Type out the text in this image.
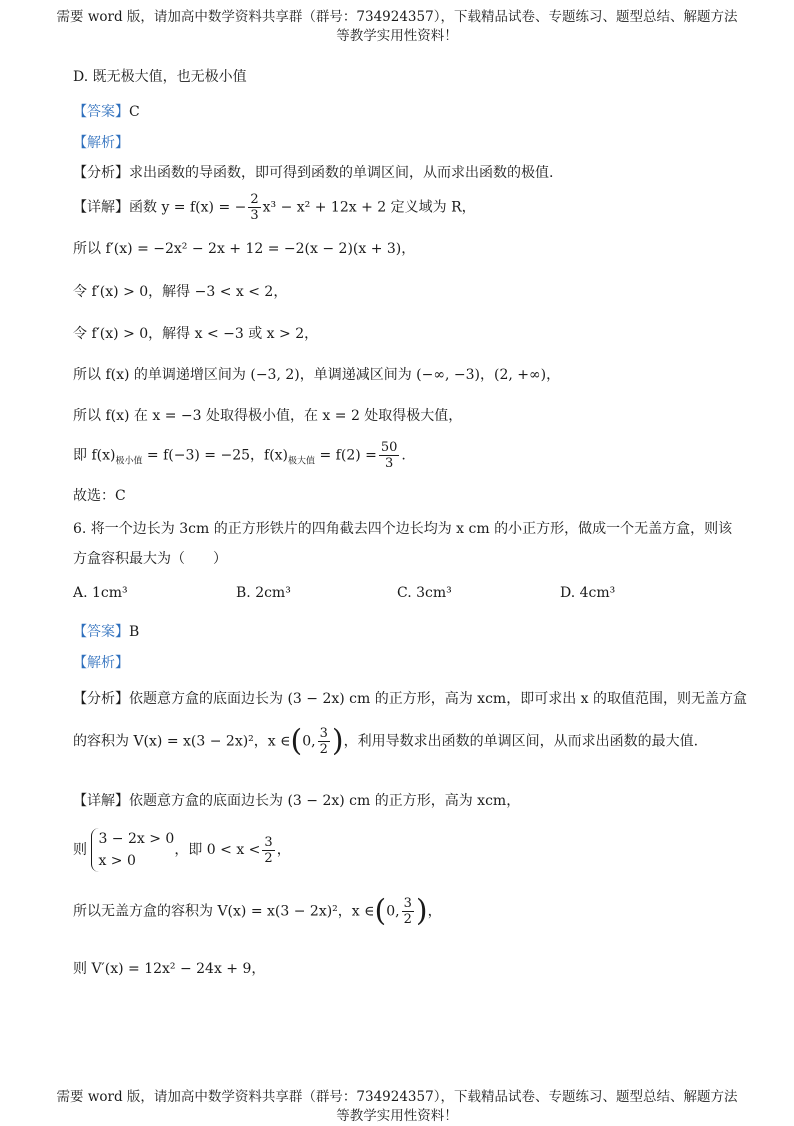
需要 word 版，请加高中数学资料共享群（群号：734924357），下载精品试卷、专题练习、题型总结、解题方法
等教学实用性资料！
D. 既无极大值，也无极小值
【答案】C
【解析】
【分析】求出函数的导函数，即可得到函数的单调区间，从而求出函数的极值.
【详解】函数 y = f(x) = − $\frac{2}{3} x^3 - x^2 + 12x + 2$ 定义域为 R，
所以 f′(x) = −2x² − 2x + 12 = −2(x − 2)(x + 3)，
令 f′(x) > 0，解得 −3 < x < 2，
令 f′(x) > 0，解得 x < −3 或 x > 2，
所以 f(x) 的单调递增区间为 (−3, 2)，单调递减区间为 (−∞, −3)，(2, +∞)，
所以 f(x) 在 x = −3 处取得极小值，在 x = 2 处取得极大值，
即 $f(x)_{极小值} = f(-3) = -25$，$f(x)_{极大值} = f(2) = \frac{50}{3}$ .
故选：C
6. 将一个边长为 3cm 的正方形铁片的四角截去四个边长均为 x cm 的小正方形，做成一个无盖方盒，则该
方盒容积最大为（　　）
A. 1cm³	B. 2cm³	C. 3cm³	D. 4cm³
【答案】B
【解析】
【分析】依题意方盒的底面边长为 (3 − 2x) cm 的正方形，高为 xcm，即可求出 x 的取值范围，则无盖方盒
的容积为 V(x) = x(3 − 2x)²，x ∈(0, $\frac{3}{2}$ )，利用导数求出函数的单调区间，从而求出函数的最大值.
【详解】依题意方盒的底面边长为 (3 − 2x) cm 的正方形，高为 xcm，
则
3 − 2x > 0
x > 0
，即 $0 < x < \frac{3}{2}$ ，
所以无盖方盒的容积为 V(x) = x(3 − 2x)²，x ∈(0, $\frac{3}{2}$ )，
则 V′(x) = 12x² − 24x + 9，
需要 word 版，请加高中数学资料共享群（群号：734924357），下载精品试卷、专题练习、题型总结、解题方法
等教学实用性资料！
